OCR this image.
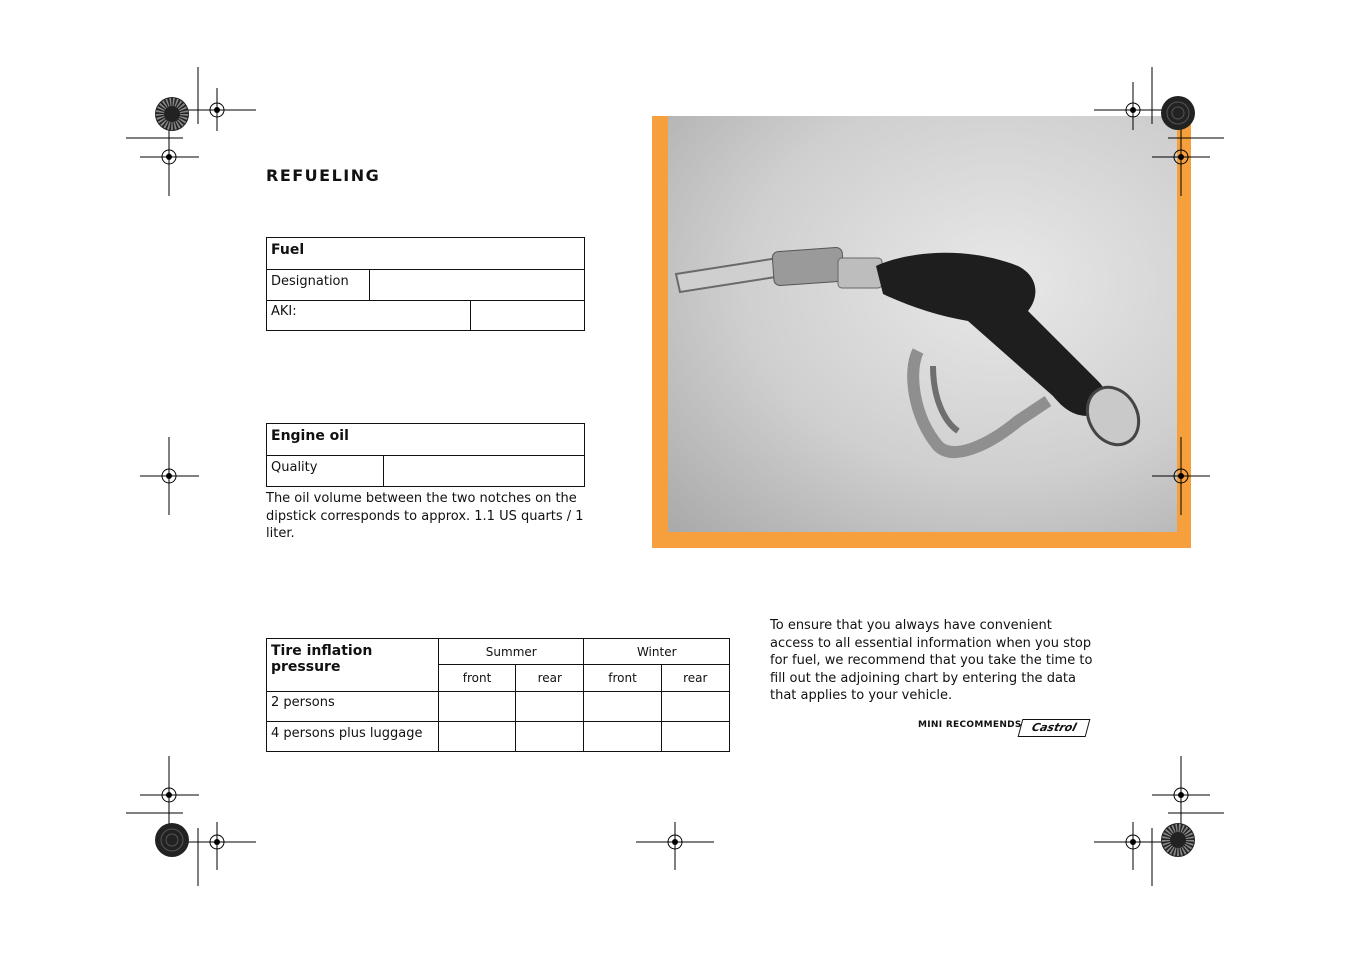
REFUELING
Fuel		
Designation		
AKI:		
Engine oil
Quality	
The oil volume between the two notches on the dipstick corresponds to approx. 1.1 US quarts / 1 liter.
Tire inflation pressure	Summer		Winter	
	front	rear	front	rear
2 persons				
4 persons plus luggage				
To ensure that you always have convenient access to all essential information when you stop for fuel, we recommend that you take the time to fill out the adjoining chart by entering the data that applies to your vehicle.
MINI RECOMMENDS Castrol
